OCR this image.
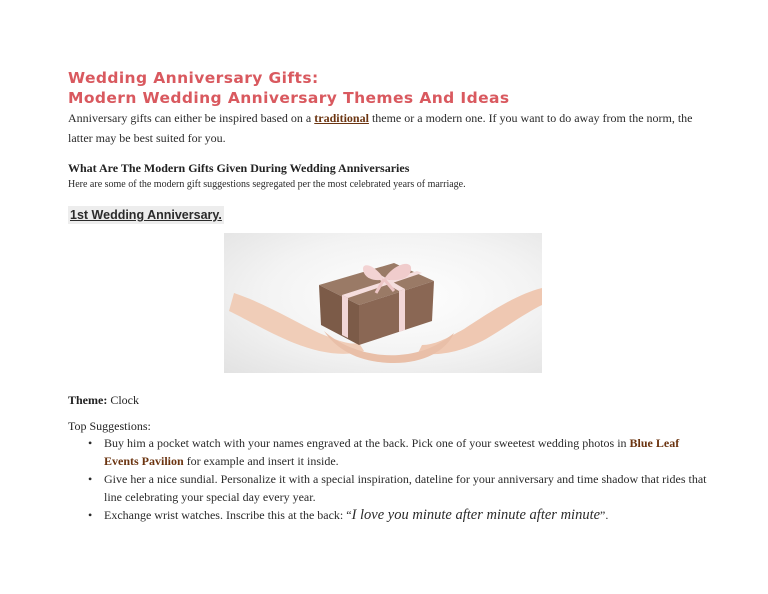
Wedding Anniversary Gifts:
Modern Wedding Anniversary Themes And Ideas

Anniversary gifts can either be inspired based on a traditional theme or a modern one. If you want to do away from the norm, the latter may be best suited for you.

What Are The Modern Gifts Given During Wedding Anniversaries

Here are some of the modern gift suggestions segregated per the most celebrated years of marriage.

1st Wedding Anniversary.

Theme: Clock

Top Suggestions:

• Buy him a pocket watch with your names engraved at the back. Pick one of your sweetest wedding photos in Blue Leaf Events Pavilion for example and insert it inside.
• Give her a nice sundial. Personalize it with a special inspiration, dateline for your anniversary and time shadow that rides that line celebrating your special day every year.
• Exchange wrist watches. Inscribe this at the back: “I love you minute after minute after minute”.
